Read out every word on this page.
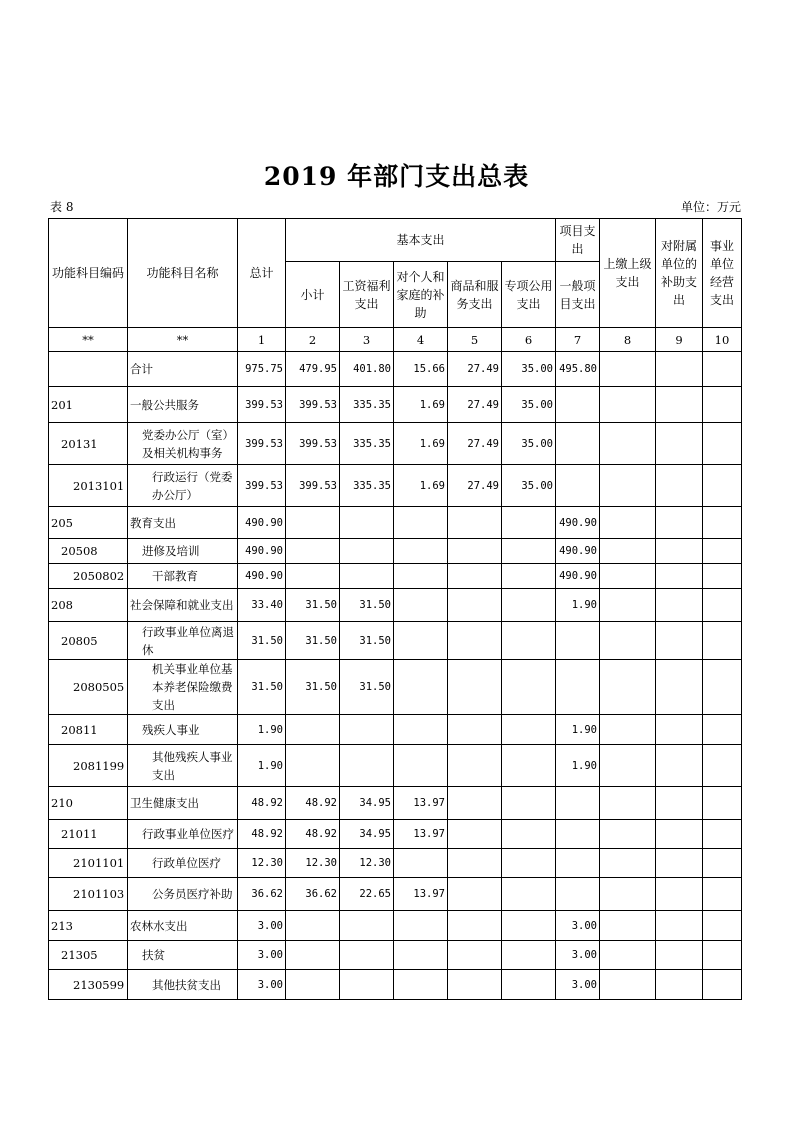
2019 年部门支出总表
表 8	单位：万元
功能科目编码	功能科目名称	总计	基本支出					项目支出	上缴上级支出	对附属单位的补助支出	事业单位经营支出
			小计	工资福利支出	对个人和家庭的补助	商品和服务支出	专项公用支出	一般项目支出			
**	**	1	2	3	4	5	6	7	8	9	10
	合计	975.75	479.95	401.80	15.66	27.49	35.00	495.80			
201	一般公共服务	399.53	399.53	335.35	1.69	27.49	35.00				
20131	党委办公厅（室）及相关机构事务	399.53	399.53	335.35	1.69	27.49	35.00				
2013101	行政运行（党委办公厅）	399.53	399.53	335.35	1.69	27.49	35.00				
205	教育支出	490.90						490.90			
20508	进修及培训	490.90						490.90			
2050802	干部教育	490.90						490.90			
208	社会保障和就业支出	33.40	31.50	31.50				1.90			
20805	行政事业单位离退休	31.50	31.50	31.50							
2080505	机关事业单位基本养老保险缴费支出	31.50	31.50	31.50							
20811	残疾人事业	1.90						1.90			
2081199	其他残疾人事业支出	1.90						1.90			
210	卫生健康支出	48.92	48.92	34.95	13.97						
21011	行政事业单位医疗	48.92	48.92	34.95	13.97						
2101101	行政单位医疗	12.30	12.30	12.30							
2101103	公务员医疗补助	36.62	36.62	22.65	13.97						
213	农林水支出	3.00						3.00			
21305	扶贫	3.00						3.00			
2130599	其他扶贫支出	3.00						3.00			
